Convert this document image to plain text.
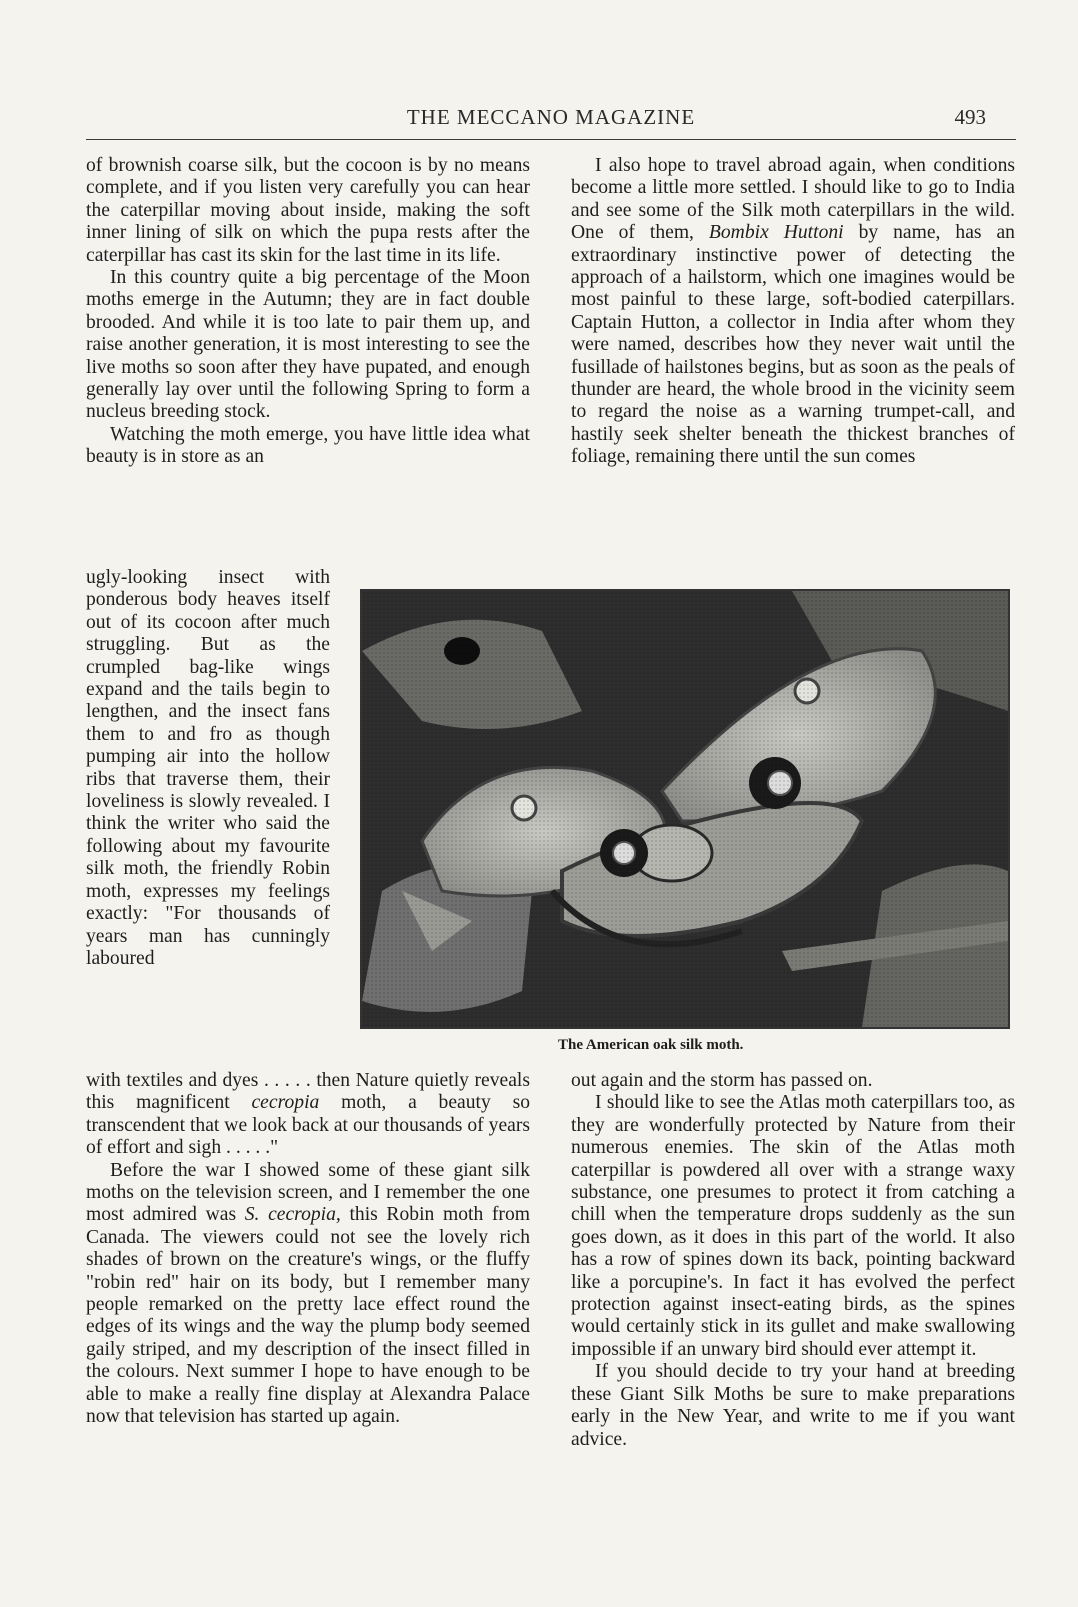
THE MECCANO MAGAZINE	493

of brownish coarse silk, but the cocoon is by no means complete, and if you listen very carefully you can hear the caterpillar moving about inside, making the soft inner lining of silk on which the pupa rests after the caterpillar has cast its skin for the last time in its life.

In this country quite a big percentage of the Moon moths emerge in the Autumn; they are in fact double brooded. And while it is too late to pair them up, and raise another generation, it is most interesting to see the live moths so soon after they have pupated, and enough generally lay over until the following Spring to form a nucleus breeding stock.

Watching the moth emerge, you have little idea what beauty is in store as an

ugly-looking insect with ponderous body heaves itself out of its cocoon after much struggling. But as the crumpled bag-like wings expand and the tails begin to lengthen, and the insect fans them to and fro as though pumping air into the hollow ribs that traverse them, their loveliness is slowly revealed. I think the writer who said the following about my favourite silk moth, the friendly Robin moth, expresses my feelings exactly: "For thousands of years man has cunningly laboured

The American oak silk moth.

with textiles and dyes . . . . . then Nature quietly reveals this magnificent cecropia moth, a beauty so transcendent that we look back at our thousands of years of effort and sigh . . . . ."

Before the war I showed some of these giant silk moths on the television screen, and I remember the one most admired was S. cecropia, this Robin moth from Canada. The viewers could not see the lovely rich shades of brown on the creature's wings, or the fluffy "robin red" hair on its body, but I remember many people remarked on the pretty lace effect round the edges of its wings and the way the plump body seemed gaily striped, and my description of the insect filled in the colours. Next summer I hope to have enough to be able to make a really fine display at Alexandra Palace now that television has started up again.

I also hope to travel abroad again, when conditions become a little more settled. I should like to go to India and see some of the Silk moth caterpillars in the wild. One of them, Bombix Huttoni by name, has an extraordinary instinctive power of detecting the approach of a hailstorm, which one imagines would be most painful to these large, soft-bodied caterpillars. Captain Hutton, a collector in India after whom they were named, describes how they never wait until the fusillade of hailstones begins, but as soon as the peals of thunder are heard, the whole brood in the vicinity seem to regard the noise as a warning trumpet-call, and hastily seek shelter beneath the thickest branches of foliage, remaining there until the sun comes

out again and the storm has passed on.

I should like to see the Atlas moth caterpillars too, as they are wonderfully protected by Nature from their numerous enemies. The skin of the Atlas moth caterpillar is powdered all over with a strange waxy substance, one presumes to protect it from catching a chill when the temperature drops suddenly as the sun goes down, as it does in this part of the world. It also has a row of spines down its back, pointing backward like a porcupine's. In fact it has evolved the perfect protection against insect-eating birds, as the spines would certainly stick in its gullet and make swallowing impossible if an unwary bird should ever attempt it.

If you should decide to try your hand at breeding these Giant Silk Moths be sure to make preparations early in the New Year, and write to me if you want advice.
